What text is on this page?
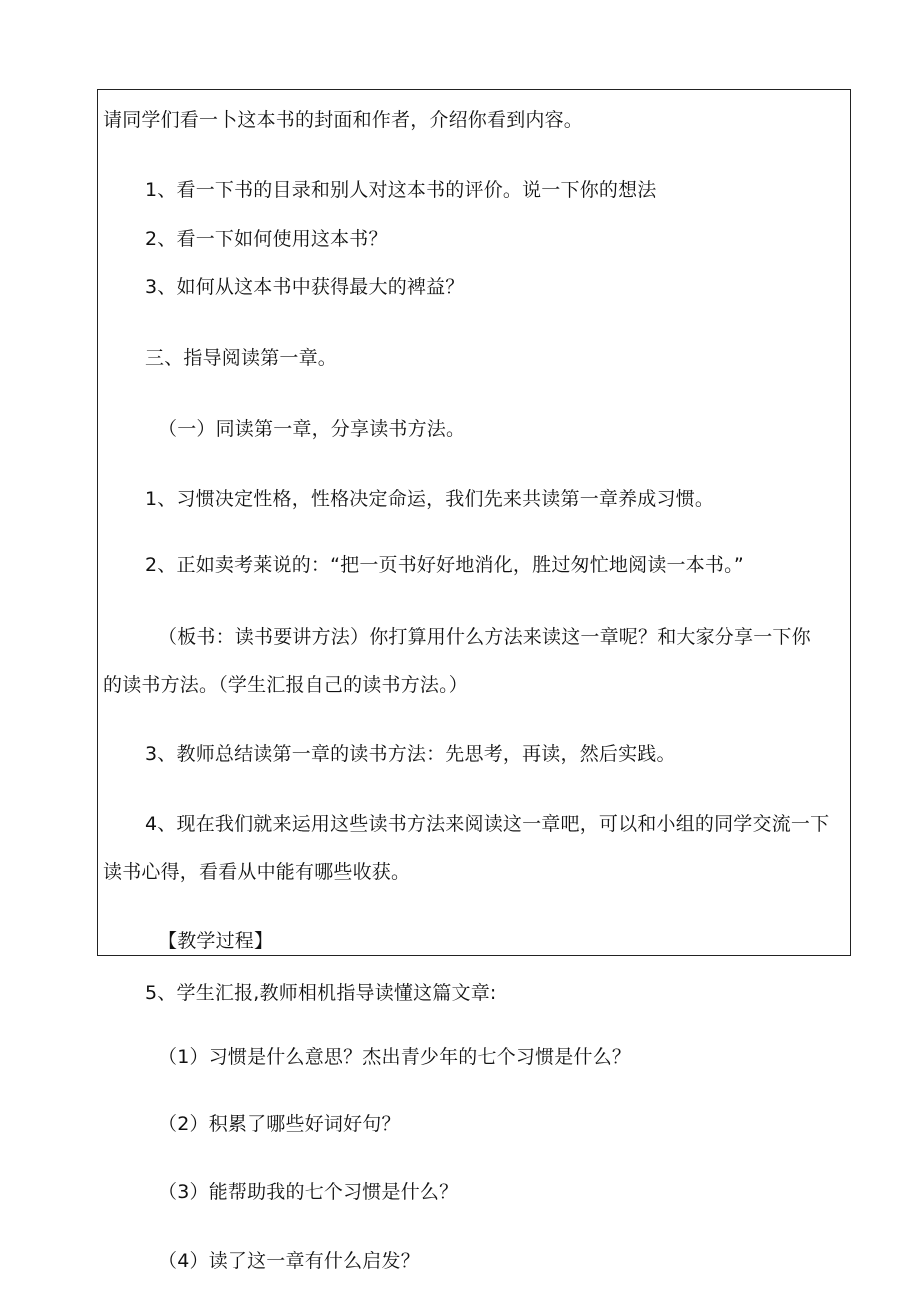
请同学们看一卜这本书的封面和作者，介绍你看到内容。
1、看一下书的目录和别人对这本书的评价。说一下你的想法
2、看一下如何使用这本书？
3、如何从这本书中获得最大的裨益？
三、指导阅读第一章。
（一）同读第一章，分享读书方法。
1、习惯决定性格，性格决定命运，我们先来共读第一章养成习惯。
2、正如卖考莱说的：“把一页书好好地消化，胜过匆忙地阅读一本书。”
（板书：读书要讲方法）你打算用什么方法来读这一章呢？和大家分享一下你
的读书方法。（学生汇报自己的读书方法。）
3、教师总结读第一章的读书方法：先思考，再读，然后实践。
4、现在我们就来运用这些读书方法来阅读这一章吧，可以和小组的同学交流一下
读书心得，看看从中能有哪些收获。
【教学过程】
5、学生汇报,教师相机指导读懂这篇文章:
（1）习惯是什么意思？杰出青少年的七个习惯是什么？
（2）积累了哪些好词好句？
（3）能帮助我的七个习惯是什么？
（4）读了这一章有什么启发？
